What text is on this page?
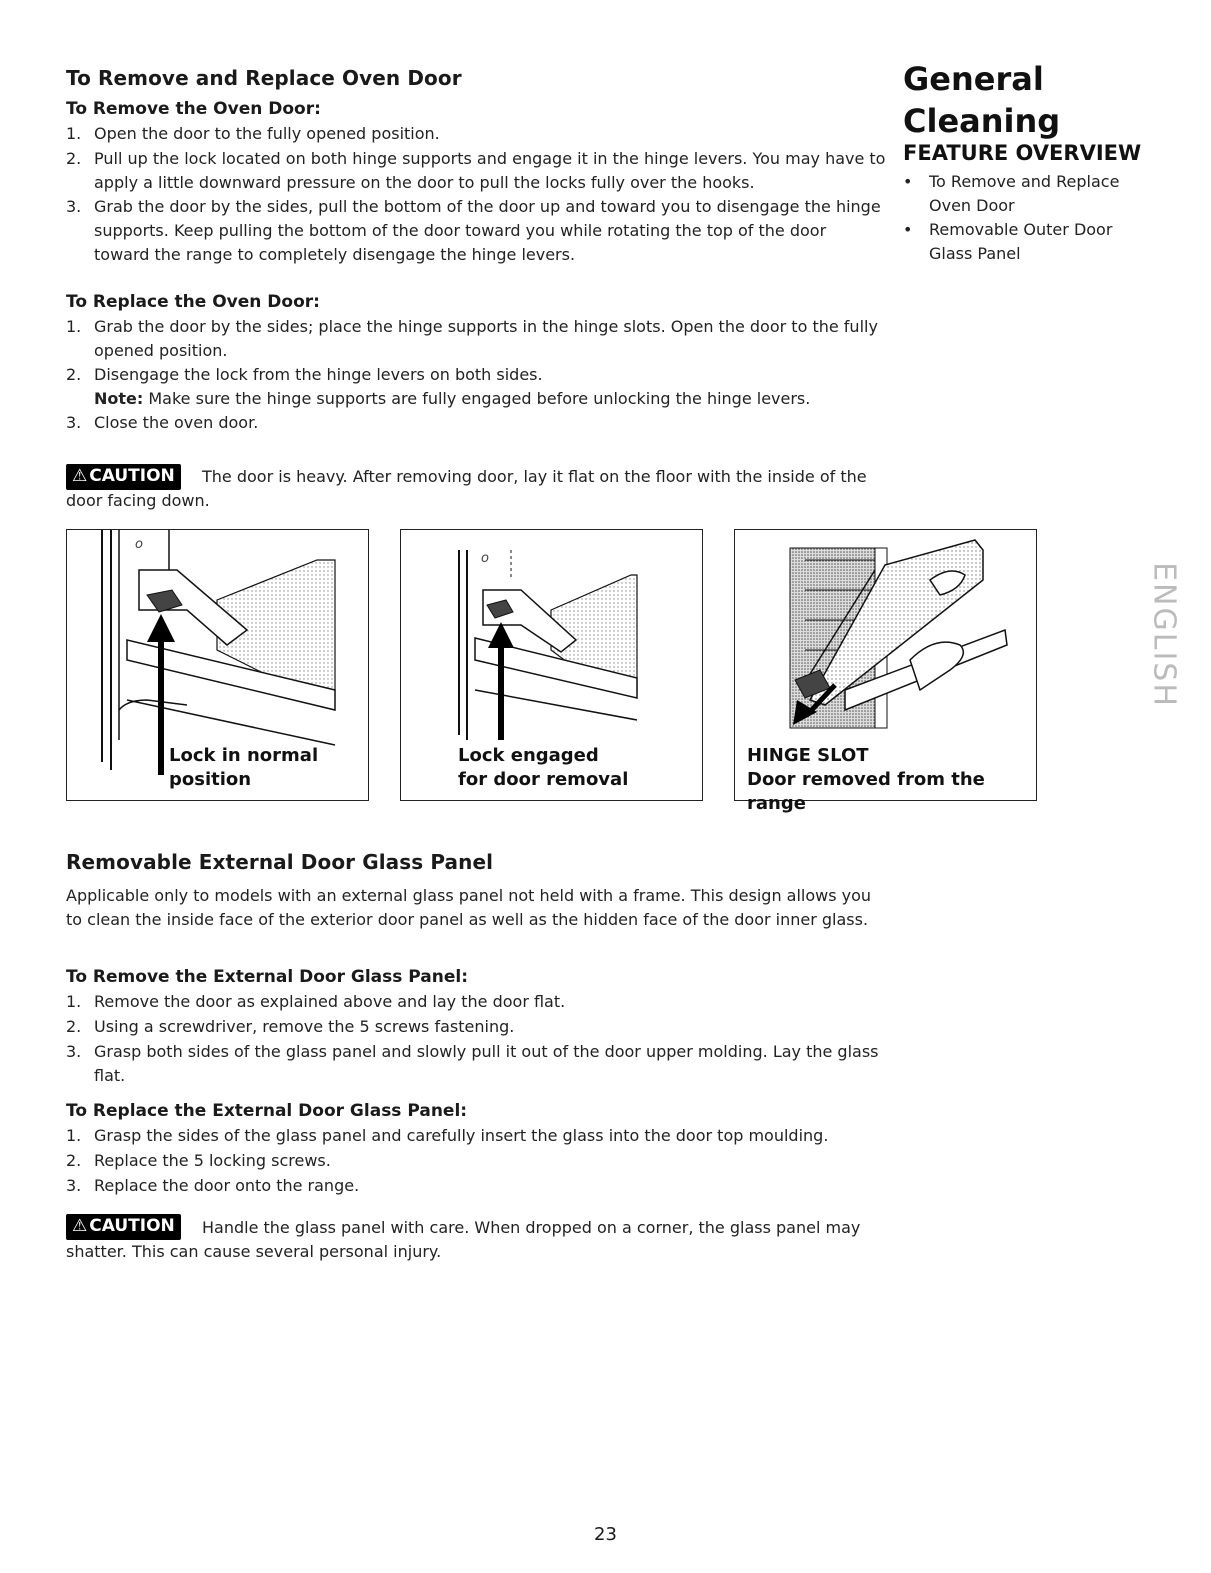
To Remove and Replace Oven Door
To Remove the Oven Door:
1. Open the door to the fully opened position.
2. Pull up the lock located on both hinge supports and engage it in the hinge levers. You may have to apply a little downward pressure on the door to pull the locks fully over the hooks.
3. Grab the door by the sides, pull the bottom of the door up and toward you to disengage the hinge supports. Keep pulling the bottom of the door toward you while rotating the top of the door toward the range to completely disengage the hinge levers.
To Replace the Oven Door:
1. Grab the door by the sides; place the hinge supports in the hinge slots. Open the door to the fully opened position.
2. Disengage the lock from the hinge levers on both sides.
Note: Make sure the hinge supports are fully engaged before unlocking the hinge levers.
3. Close the oven door.
The door is heavy. After removing door, lay it flat on the floor with the inside of the door facing down.
⚠ CAUTION
o
Lock in normal
position
o
Lock engaged
for door removal
HINGE SLOT
Door removed from the range
Removable External Door Glass Panel
Applicable only to models with an external glass panel not held with a frame. This design allows you to clean the inside face of the exterior door panel as well as the hidden face of the door inner glass.
To Remove the External Door Glass Panel:
1. Remove the door as explained above and lay the door flat.
2. Using a screwdriver, remove the 5 screws fastening.
3. Grasp both sides of the glass panel and slowly pull it out of the door upper molding. Lay the glass flat.
To Replace the External Door Glass Panel:
1. Grasp the sides of the glass panel and carefully insert the glass into the door top moulding.
2. Replace the 5 locking screws.
3. Replace the door onto the range.
Handle the glass panel with care. When dropped on a corner, the glass panel may shatter. This can cause several personal injury.
⚠ CAUTION
General
Cleaning
FEATURE OVERVIEW
• To Remove and Replace Oven Door
• Removable Outer Door Glass Panel
ENGLISH
23
